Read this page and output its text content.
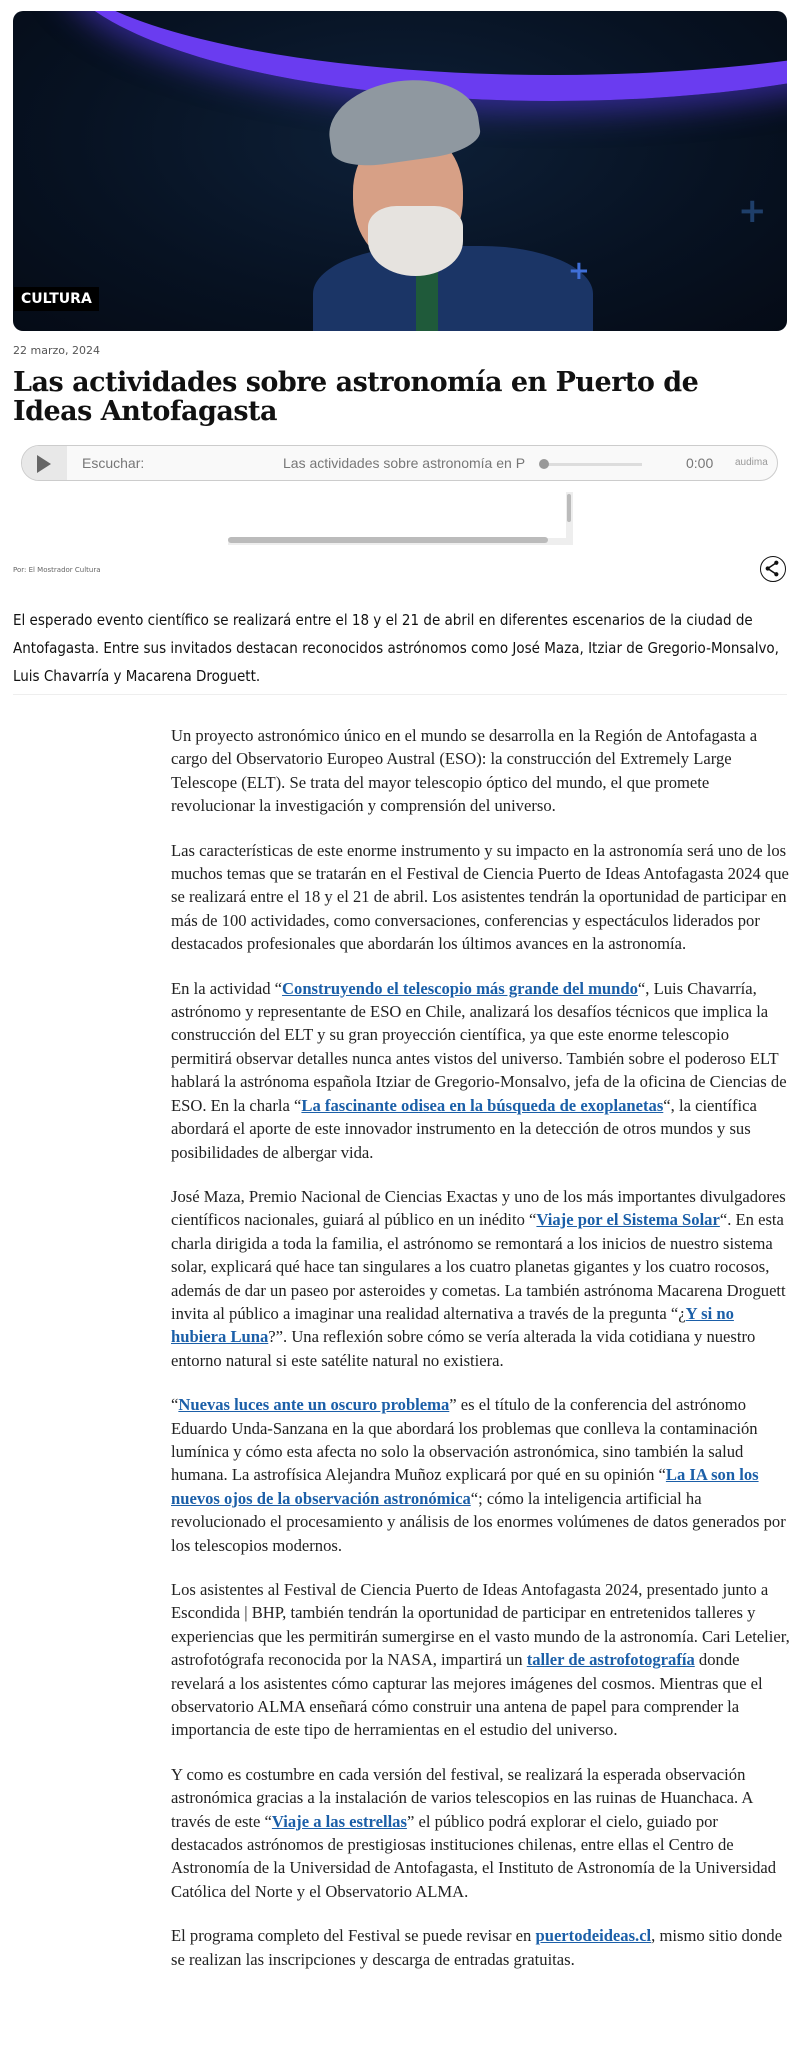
+
+
CULTURA
22 marzo, 2024
Las actividades sobre astronomía en Puerto de Ideas Antofagasta
Escuchar:	Las actividades sobre astronomía en P	0:00 audima
Por: El Mostrador Cultura
El esperado evento científico se realizará entre el 18 y el 21 de abril en diferentes escenarios de la ciudad de Antofagasta. Entre sus invitados destacan reconocidos astrónomos como José Maza, Itziar de Gregorio-Monsalvo, Luis Chavarría y Macarena Droguett.

Un proyecto astronómico único en el mundo se desarrolla en la Región de Antofagasta a cargo del Observatorio Europeo Austral (ESO): la construcción del Extremely Large Telescope (ELT). Se trata del mayor telescopio óptico del mundo, el que promete revolucionar la investigación y comprensión del universo.

Las características de este enorme instrumento y su impacto en la astronomía será uno de los muchos temas que se tratarán en el Festival de Ciencia Puerto de Ideas Antofagasta 2024 que se realizará entre el 18 y el 21 de abril. Los asistentes tendrán la oportunidad de participar en más de 100 actividades, como conversaciones, conferencias y espectáculos liderados por destacados profesionales que abordarán los últimos avances en la astronomía.

En la actividad “Construyendo el telescopio más grande del mundo“, Luis Chavarría, astrónomo y representante de ESO en Chile, analizará los desafíos técnicos que implica la construcción del ELT y su gran proyección científica, ya que este enorme telescopio permitirá observar detalles nunca antes vistos del universo. También sobre el poderoso ELT hablará la astrónoma española Itziar de Gregorio-Monsalvo, jefa de la oficina de Ciencias de ESO. En la charla “La fascinante odisea en la búsqueda de exoplanetas“, la científica abordará el aporte de este innovador instrumento en la detección de otros mundos y sus posibilidades de albergar vida.

José Maza, Premio Nacional de Ciencias Exactas y uno de los más importantes divulgadores científicos nacionales, guiará al público en un inédito “Viaje por el Sistema Solar“. En esta charla dirigida a toda la familia, el astrónomo se remontará a los inicios de nuestro sistema solar, explicará qué hace tan singulares a los cuatro planetas gigantes y los cuatro rocosos, además de dar un paseo por asteroides y cometas. La también astrónoma Macarena Droguett invita al público a imaginar una realidad alternativa a través de la pregunta “¿Y si no hubiera Luna?”. Una reflexión sobre cómo se vería alterada la vida cotidiana y nuestro entorno natural si este satélite natural no existiera.

“Nuevas luces ante un oscuro problema” es el título de la conferencia del astrónomo Eduardo Unda-Sanzana en la que abordará los problemas que conlleva la contaminación lumínica y cómo esta afecta no solo la observación astronómica, sino también la salud humana. La astrofísica Alejandra Muñoz explicará por qué en su opinión “La IA son los nuevos ojos de la observación astronómica“; cómo la inteligencia artificial ha revolucionado el procesamiento y análisis de los enormes volúmenes de datos generados por los telescopios modernos.

Los asistentes al Festival de Ciencia Puerto de Ideas Antofagasta 2024, presentado junto a Escondida | BHP, también tendrán la oportunidad de participar en entretenidos talleres y experiencias que les permitirán sumergirse en el vasto mundo de la astronomía. Cari Letelier, astrofotógrafa reconocida por la NASA, impartirá un taller de astrofotografía donde revelará a los asistentes cómo capturar las mejores imágenes del cosmos. Mientras que el observatorio ALMA enseñará cómo construir una antena de papel para comprender la importancia de este tipo de herramientas en el estudio del universo.

Y como es costumbre en cada versión del festival, se realizará la esperada observación astronómica gracias a la instalación de varios telescopios en las ruinas de Huanchaca. A través de este “Viaje a las estrellas” el público podrá explorar el cielo, guiado por destacados astrónomos de prestigiosas instituciones chilenas, entre ellas el Centro de Astronomía de la Universidad de Antofagasta, el Instituto de Astronomía de la Universidad Católica del Norte y el Observatorio ALMA.

El programa completo del Festival se puede revisar en puertodeideas.cl, mismo sitio donde se realizan las inscripciones y descarga de entradas gratuitas.
